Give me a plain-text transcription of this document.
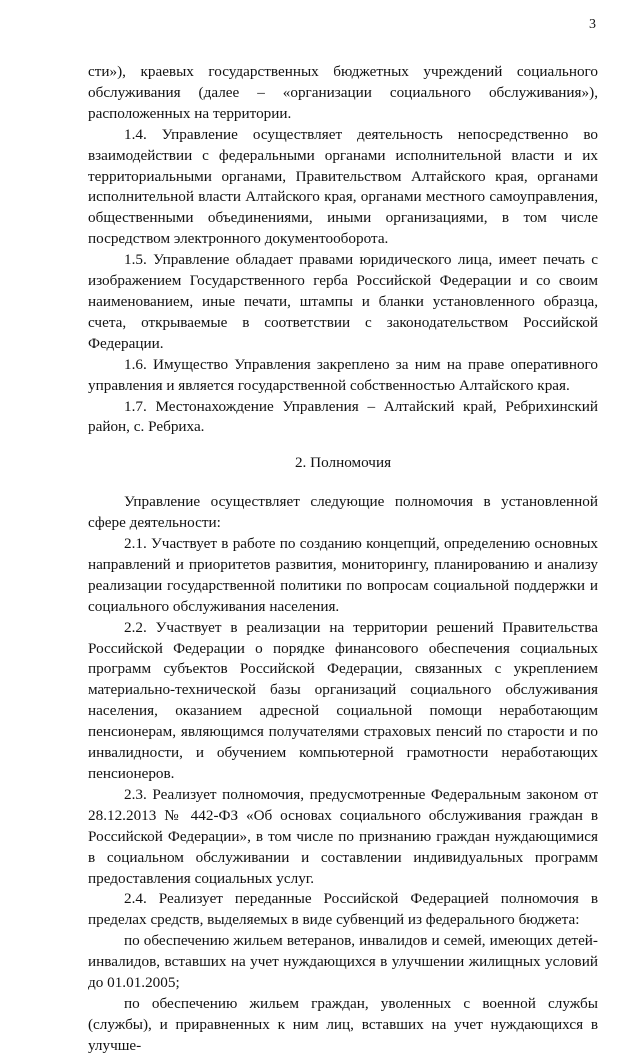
3

сти»), краевых государственных бюджетных учреждений социального обслуживания (далее – «организации социального обслуживания»), расположенных на территории.

1.4. Управление осуществляет деятельность непосредственно во взаимодействии с федеральными органами исполнительной власти и их территориальными органами, Правительством Алтайского края, органами исполнительной власти Алтайского края, органами местного самоуправления, общественными объединениями, иными организациями, в том числе посредством электронного документооборота.

1.5. Управление обладает правами юридического лица, имеет печать с изображением Государственного герба Российской Федерации и со своим наименованием, иные печати, штампы и бланки установленного образца, счета, открываемые в соответствии с законодательством Российской Федерации.

1.6. Имущество Управления закреплено за ним на праве оперативного управления и является государственной собственностью Алтайского края.

1.7. Местонахождение Управления – Алтайский край, Ребрихинский район, с. Ребриха.

2. Полномочия

Управление осуществляет следующие полномочия в установленной сфере деятельности:

2.1. Участвует в работе по созданию концепций, определению основных направлений и приоритетов развития, мониторингу, планированию и анализу реализации государственной политики по вопросам социальной поддержки и социального обслуживания населения.

2.2. Участвует в реализации на территории решений Правительства Российской Федерации о порядке финансового обеспечения социальных программ субъектов Российской Федерации, связанных с укреплением материально-технической базы организаций социального обслуживания населения, оказанием адресной социальной помощи неработающим пенсионерам, являющимся получателями страховых пенсий по старости и по инвалидности, и обучением компьютерной грамотности неработающих пенсионеров.

2.3. Реализует полномочия, предусмотренные Федеральным законом от 28.12.2013 № 442-ФЗ «Об основах социального обслуживания граждан в Российской Федерации», в том числе по признанию граждан нуждающимися в социальном обслуживании и составлении индивидуальных программ предоставления социальных услуг.

2.4. Реализует переданные Российской Федерацией полномочия в пределах средств, выделяемых в виде субвенций из федерального бюджета:

по обеспечению жильем ветеранов, инвалидов и семей, имеющих детей-инвалидов, вставших на учет нуждающихся в улучшении жилищных условий до 01.01.2005;

по обеспечению жильем граждан, уволенных с военной службы (службы), и приравненных к ним лиц, вставших на учет нуждающихся в улучше-
